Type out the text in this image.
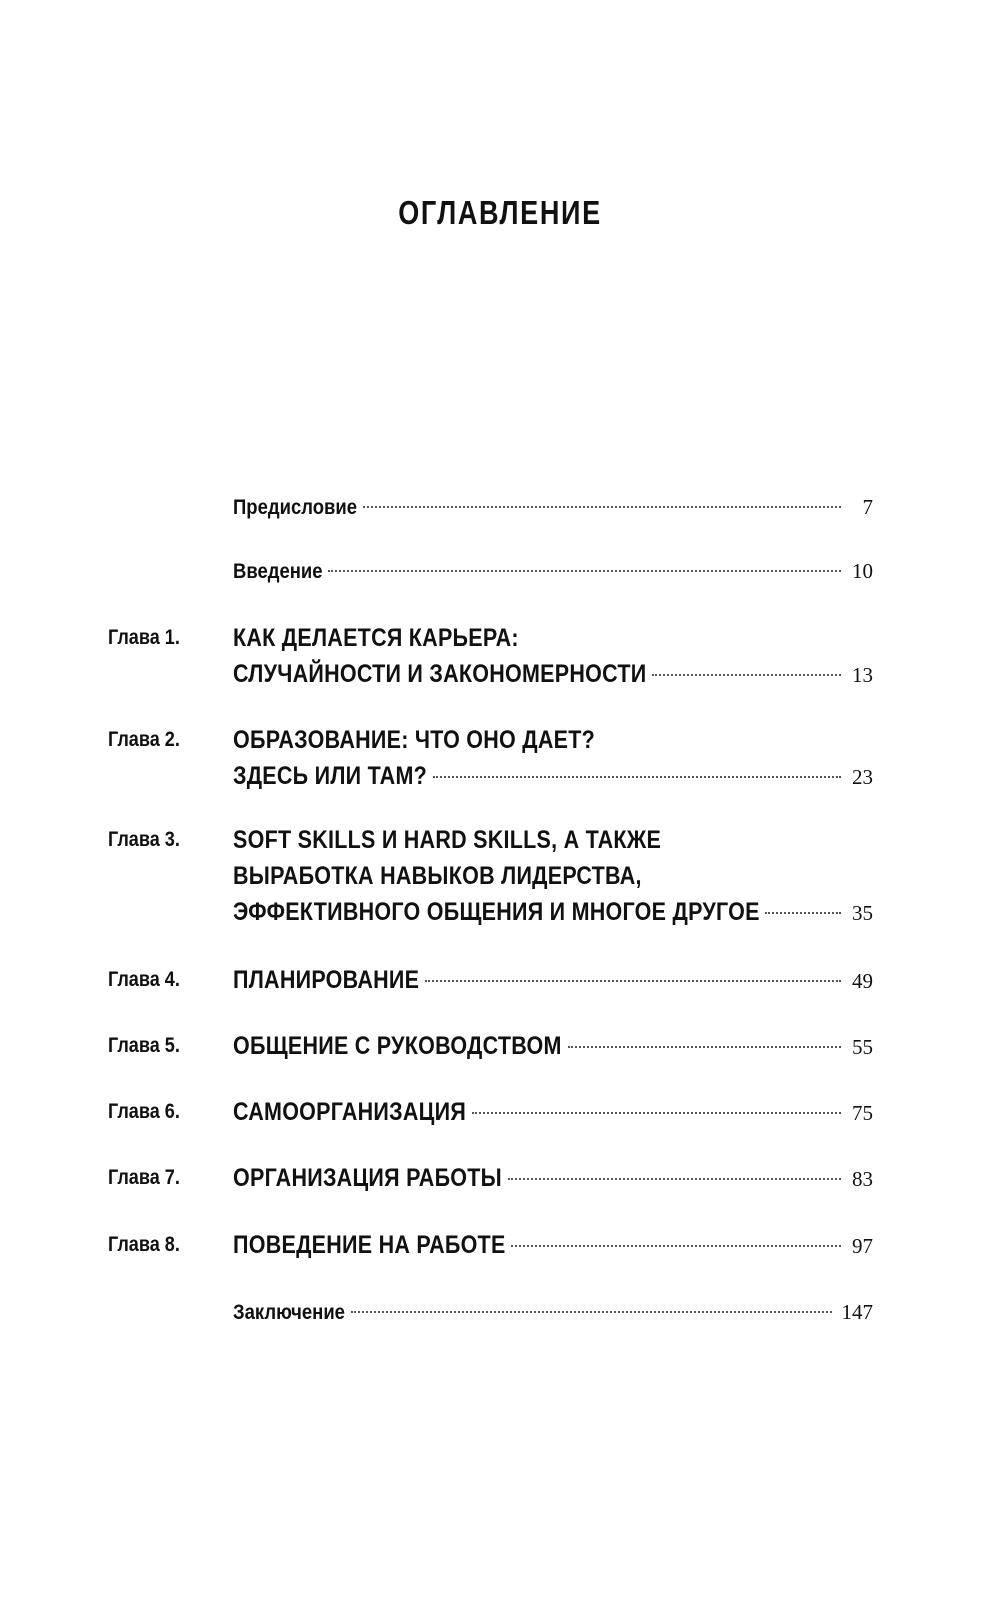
ОГЛАВЛЕНИЕ
Предисловие	7
Введение	10
Глава 1. КАК ДЕЛАЕТСЯ КАРЬЕРА:
СЛУЧАЙНОСТИ И ЗАКОНОМЕРНОСТИ	13
Глава 2. ОБРАЗОВАНИЕ: ЧТО ОНО ДАЕТ?
ЗДЕСЬ ИЛИ ТАМ?	23
Глава 3. SOFT SKILLS И HARD SKILLS, А ТАКЖЕ
ВЫРАБОТКА НАВЫКОВ ЛИДЕРСТВА,
ЭФФЕКТИВНОГО ОБЩЕНИЯ И МНОГОЕ ДРУГОЕ	35
Глава 4. ПЛАНИРОВАНИЕ	49
Глава 5. ОБЩЕНИЕ С РУКОВОДСТВОМ	55
Глава 6. САМООРГАНИЗАЦИЯ	75
Глава 7. ОРГАНИЗАЦИЯ РАБОТЫ	83
Глава 8. ПОВЕДЕНИЕ НА РАБОТЕ	97
Заключение	147
